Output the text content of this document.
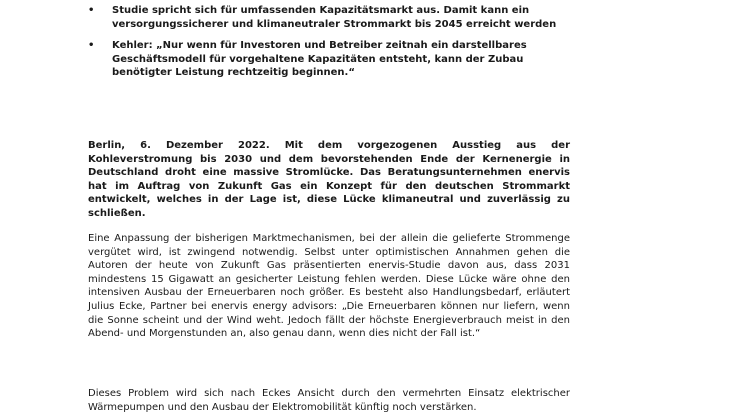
• Studie spricht sich für umfassenden Kapazitätsmarkt aus. Damit kann ein versorgungssicherer und klimaneutraler Strommarkt bis 2045 erreicht werden
• Kehler: „Nur wenn für Investoren und Betreiber zeitnah ein darstellbares Geschäftsmodell für vorgehaltene Kapazitäten entsteht, kann der Zubau benötigter Leistung rechtzeitig beginnen.“

Berlin, 6. Dezember 2022. Mit dem vorgezogenen Ausstieg aus der Kohleverstromung bis 2030 und dem bevorstehenden Ende der Kernenergie in Deutschland droht eine massive Stromlücke. Das Beratungsunternehmen enervis hat im Auftrag von Zukunft Gas ein Konzept für den deutschen Strommarkt entwickelt, welches in der Lage ist, diese Lücke klimaneutral und zuverlässig zu schließen.

Eine Anpassung der bisherigen Marktmechanismen, bei der allein die gelieferte Strommenge vergütet wird, ist zwingend notwendig. Selbst unter optimistischen Annahmen gehen die Autoren der heute von Zukunft Gas präsentierten enervis-Studie davon aus, dass 2031 mindestens 15 Gigawatt an gesicherter Leistung fehlen werden. Diese Lücke wäre ohne den intensiven Ausbau der Erneuerbaren noch größer. Es besteht also Handlungsbedarf, erläutert Julius Ecke, Partner bei enervis energy advisors: „Die Erneuerbaren können nur liefern, wenn die Sonne scheint und der Wind weht. Jedoch fällt der höchste Energieverbrauch meist in den Abend- und Morgenstunden an, also genau dann, wenn dies nicht der Fall ist.“

Dieses Problem wird sich nach Eckes Ansicht durch den vermehrten Einsatz elektrischer Wärmepumpen und den Ausbau der Elektromobilität künftig noch verstärken.
